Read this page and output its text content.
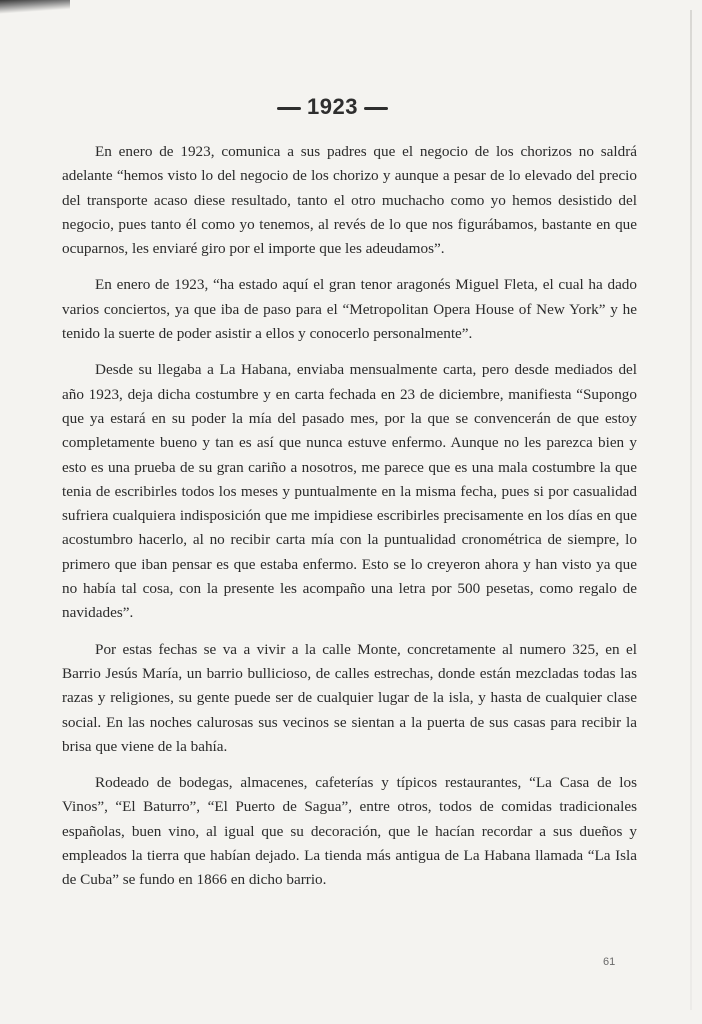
1923

En enero de 1923, comunica a sus padres que el negocio de los chorizos no saldrá adelante “hemos visto lo del negocio de los chorizo y aunque a pesar de lo elevado del precio del transporte acaso diese resultado, tanto el otro muchacho como yo hemos desistido del negocio, pues tanto él como yo tenemos, al revés de lo que nos figurábamos, bastante en que ocuparnos, les enviaré giro por el importe que les adeudamos”.

En enero de 1923, “ha estado aquí el gran tenor aragonés Miguel Fleta, el cual ha dado varios conciertos, ya que iba de paso para el “Metropolitan Opera House of New York” y he tenido la suerte de poder asistir a ellos y conocerlo personalmente”.

Desde su llegaba a La Habana, enviaba mensualmente carta, pero desde mediados del año 1923, deja dicha costumbre y en carta fechada en 23 de diciembre, manifiesta “Supongo que ya estará en su poder la mía del pasado mes, por la que se convencerán de que estoy completamente bueno y tan es así que nunca estuve enfermo. Aunque no les parezca bien y esto es una prueba de su gran cariño a nosotros, me parece que es una mala costumbre la que tenia de escribirles todos los meses y puntualmente en la misma fecha, pues si por casualidad sufriera cualquiera indisposición que me impidiese escribirles precisamente en los días en que acostumbro hacerlo, al no recibir carta mía con la puntualidad cronométrica de siempre, lo primero que iban pensar es que estaba enfermo. Esto se lo creyeron ahora y han visto ya que no había tal cosa, con la presente les acompaño una letra por 500 pesetas, como regalo de navidades”.

Por estas fechas se va a vivir a la calle Monte, concretamente al numero 325, en el Barrio Jesús María, un barrio bullicioso, de calles estrechas, donde están mezcladas todas las razas y religiones, su gente puede ser de cualquier lugar de la isla, y hasta de cualquier clase social. En las noches calurosas sus vecinos se sientan a la puerta de sus casas para recibir la brisa que viene de la bahía.

Rodeado de bodegas, almacenes, cafeterías y típicos restaurantes, “La Casa de los Vinos”, “El Baturro”, “El Puerto de Sagua”, entre otros, todos de comidas tradicionales españolas, buen vino, al igual que su decoración, que le hacían recordar a sus dueños y empleados la tierra que habían dejado. La tienda más antigua de La Habana llamada “La Isla de Cuba” se fundo en 1866 en dicho barrio.

61
